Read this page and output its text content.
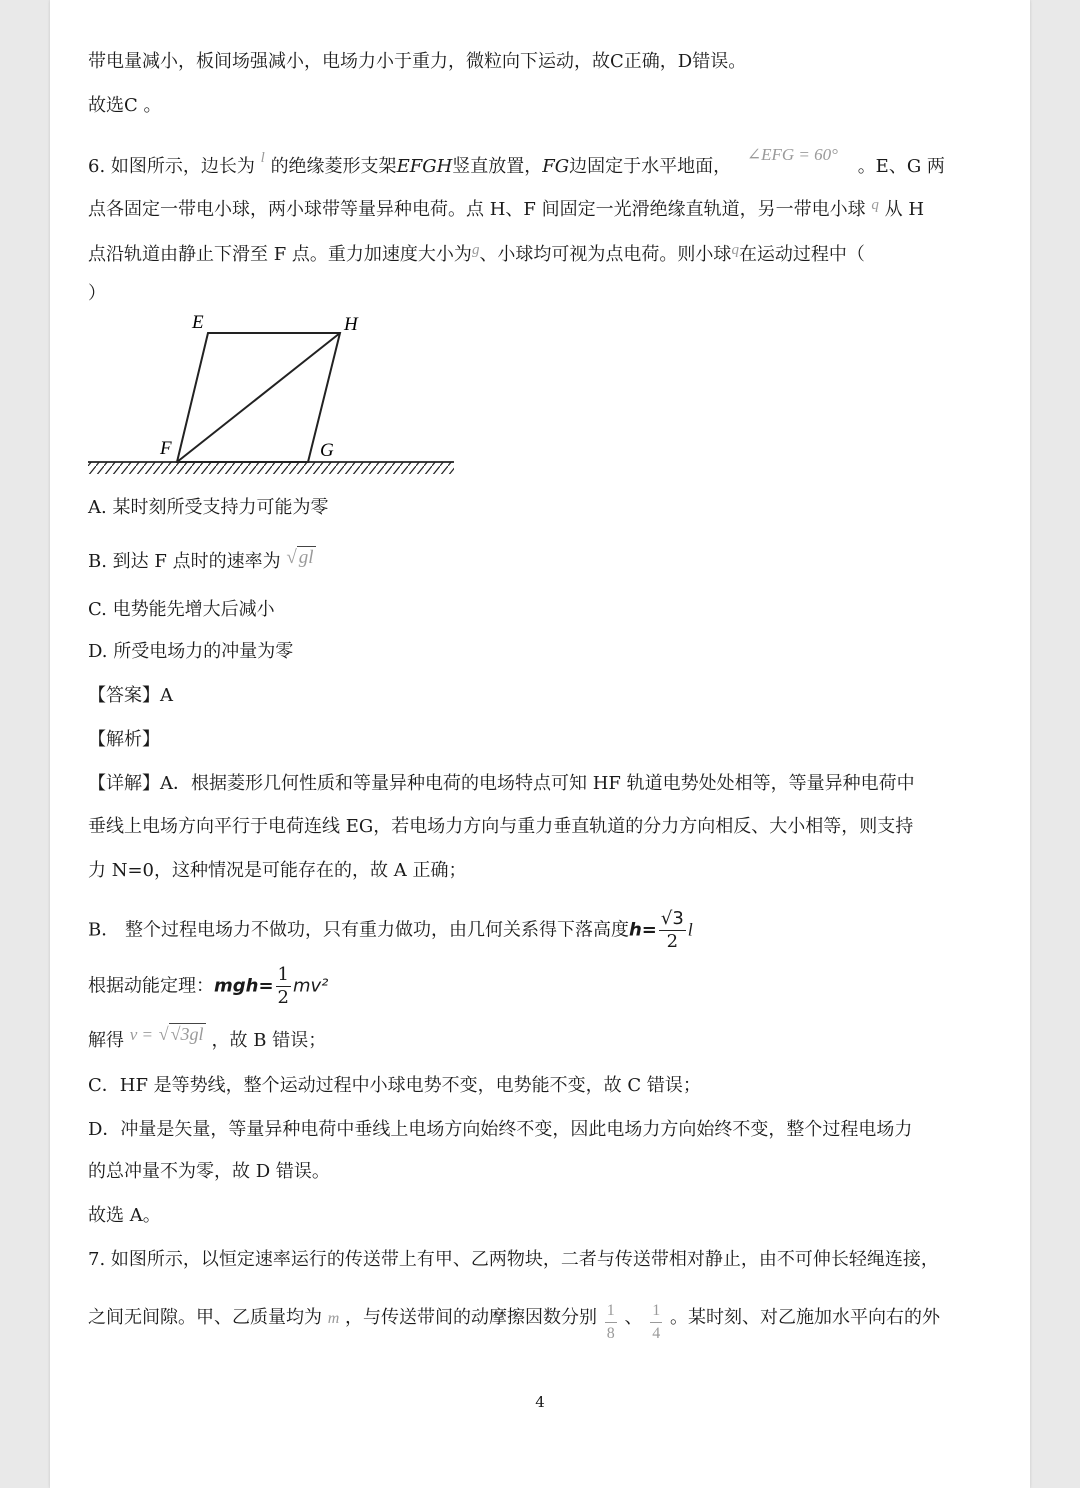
带电量减小，板间场强减小，电场力小于重力，微粒向下运动，故C正确，D错误。
故选C 。
6. 如图所示，边长为 $^l$ 的绝缘菱形支架EFGH竖直放置，FG边固定于水平地面， ∠EFG = 60° 。E、G 两
点各固定一带电小球，两小球带等量异种电荷。点 H、F 间固定一光滑绝缘直轨道，另一带电小球 $^q$ 从 H
点沿轨道由静止下滑至 F 点。重力加速度大小为$^g$、小球均可视为点电荷。则小球$^q$在运动过程中（
）
E	H
F	G
A. 某时刻所受支持力可能为零
B. 到达 F 点时的速率为 √ gl
C. 电势能先增大后减小
D. 所受电场力的冲量为零
【答案】A
【解析】
【详解】A．根据菱形几何性质和等量异种电荷的电场特点可知 HF 轨道电势处处相等，等量异种电荷中
垂线上电场方向平行于电荷连线 EG，若电场力方向与重力垂直轨道的分力方向相反、大小相等，则支持
力 N=0，这种情况是可能存在的，故 A 正确；
B． 整个过程电场力不做功，只有重力做功，由几何关系得下落高度$h= \frac{√3}{2}$ l
根据动能定理：$mgh= \frac{1}{2} mv^2$
解得 v = √ √3gl ，故 B 错误；
C．HF 是等势线，整个运动过程中小球电势不变，电势能不变，故 C 错误；
D．冲量是矢量，等量异种电荷中垂线上电场方向始终不变，因此电场力方向始终不变，整个过程电场力
的总冲量不为零，故 D 错误。
故选 A。
7. 如图所示，以恒定速率运行的传送带上有甲、乙两物块，二者与传送带相对静止，由不可伸长轻绳连接，
之间无间隙。甲、乙质量均为 m ，与传送带间的动摩擦因数分别 $\frac{1}{8}$ 、 $\frac{1}{4}$ 。某时刻、对乙施加水平向右的外
4
